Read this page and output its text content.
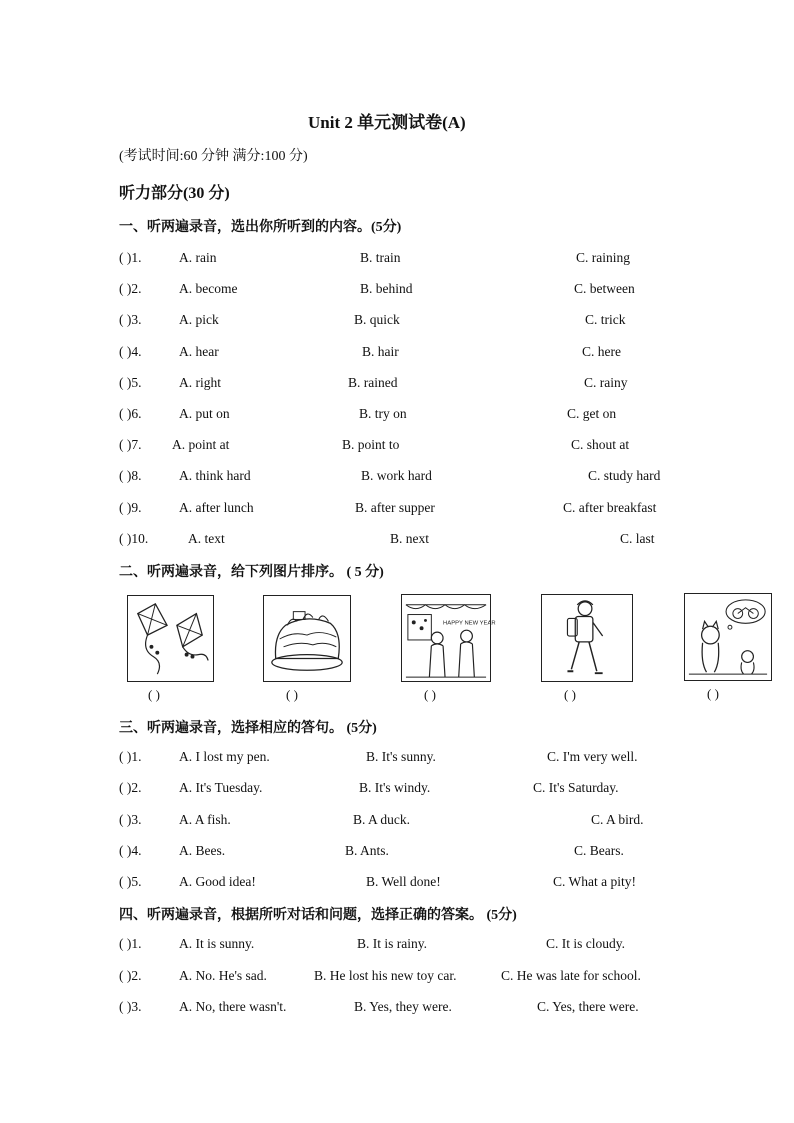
Unit 2 单元测试卷(A)
(考试时间:60 分钟 满分:100 分)
听力部分(30 分)
一、听两遍录音，选出你所听到的内容。(5分)
( )1.	A. rain	B. train	C. raining
( )2.	A. become	B. behind	C. between
( )3.	A. pick	B. quick	C. trick
( )4.	A. hear	B. hair	C. here
( )5.	A. right	B. rained	C. rainy
( )6.	A. put on	B. try on	C. get on
( )7. A. point at	B. point to	C. shout at
( )8.	A. think hard	B. work hard	C. study hard
( )9.	A. after lunch	B. after supper	C. after breakfast
( )10.	A. text	B. next	C. last
二、听两遍录音，给下列图片排序。 ( 5 分)
( )	( )
HAPPY NEW YEAR
( )	( )	( )
三、听两遍录音，选择相应的答句。 (5分)
( )1.	A. I lost my pen.	B. It's sunny.	C. I'm very well.
( )2.	A. It's Tuesday.	B. It's windy.	C. It's Saturday.
( )3.	A. A fish.	B. A duck.	C. A bird.
( )4.	A. Bees.	B. Ants.	C. Bears.
( )5.	A. Good idea!	B. Well done!	C. What a pity!
四、听两遍录音，根据所听对话和问题，选择正确的答案。 (5分)
( )1.	A. It is sunny.	B. It is rainy.	C. It is cloudy.
( )2.	A. No. He's sad.	B. He lost his new toy car.	C. He was late for school.
( )3.	A. No, there wasn't.	B. Yes, they were.	C. Yes, there were.
